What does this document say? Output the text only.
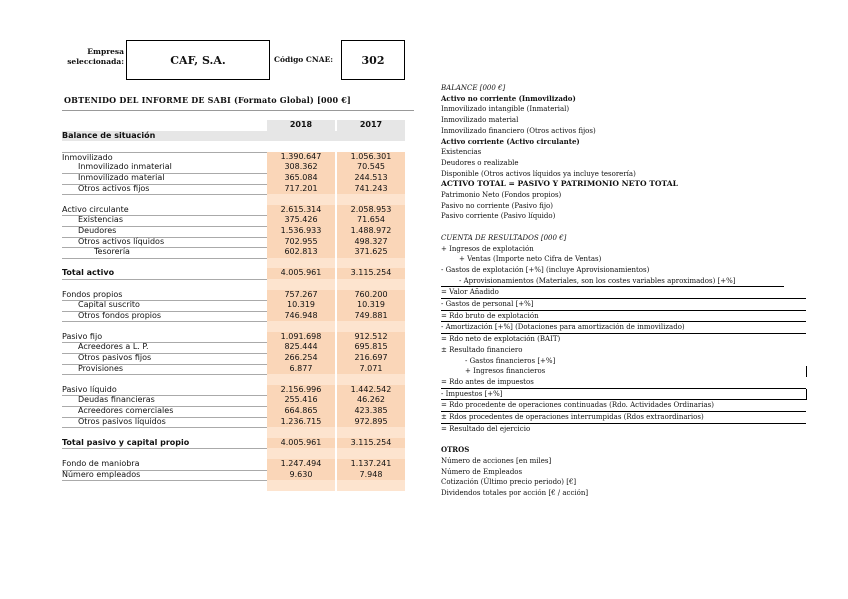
Empresa seleccionada:	CAF, S.A.	Código CNAE:	302
OBTENIDO DEL INFORME DE SABI (Formato Global) [000 €]
2018	2017
Balance de situación
Inmovilizado	1.390.647	1.056.301
Inmovilizado inmaterial	308.362	70.545
Inmovilizado material	365.084	244.513
Otros activos fijos	717.201	741.243
Activo circulante	2.615.314	2.058.953
Existencias	375.426	71.654
Deudores	1.536.933	1.488.972
Otros activos líquidos	702.955	498.327
Tesorería	602.813	371.625
Total activo	4.005.961	3.115.254
Fondos propios	757.267	760.200
Capital suscrito	10.319	10.319
Otros fondos propios	746.948	749.881
Pasivo fijo	1.091.698	912.512
Acreedores a L. P.	825.444	695.815
Otros pasivos fijos	266.254	216.697
Provisiones	6.877	7.071
Pasivo líquido	2.156.996	1.442.542
Deudas financieras	255.416	46.262
Acreedores comerciales	664.865	423.385
Otros pasivos líquidos	1.236.715	972.895
Total pasivo y capital propio	4.005.961	3.115.254
Fondo de maniobra	1.247.494	1.137.241
Número empleados	9.630	7.948
BALANCE [000 €]
Activo no corriente (Inmovilizado)
Inmovilizado intangible (Inmaterial)
Inmovilizado material
Inmovilizado financiero (Otros activos fijos)
Activo corriente (Activo circulante)
Existencias
Deudores o realizable
Disponible (Otros activos líquidos ya incluye tesorería)
ACTIVO TOTAL = PASIVO Y PATRIMONIO NETO TOTAL
Patrimonio Neto (Fondos propios)
Pasivo no corriente (Pasivo fijo)
Pasivo corriente (Pasivo líquido)
CUENTA DE RESULTADOS [000 €]
+ Ingresos de explotación
+ Ventas (Importe neto Cifra de Ventas)
- Gastos de explotación [+%] (incluye Aprovisionamientos)
- Aprovisionamientos (Materiales, son los costes variables aproximados) [+%]
= Valor Añadido
- Gastos de personal [+%]
= Rdo bruto de explotación
- Amortización [+%] (Dotaciones para amortización de inmovilizado)
= Rdo neto de explotación (BAIT)
± Resultado financiero
- Gastos financieros [+%]
+ Ingresos financieros
= Rdo antes de impuestos
- Impuestos [+%]
= Rdo procedente de operaciones continuadas (Rdo. Actividades Ordinarias)
± Rdos procedentes de operaciones interrumpidas (Rdos extraordinarios)
= Resultado del ejercicio
OTROS
Número de acciones [en miles]
Número de Empleados
Cotización (Último precio periodo) [€]
Dividendos totales por acción [€ / acción]
